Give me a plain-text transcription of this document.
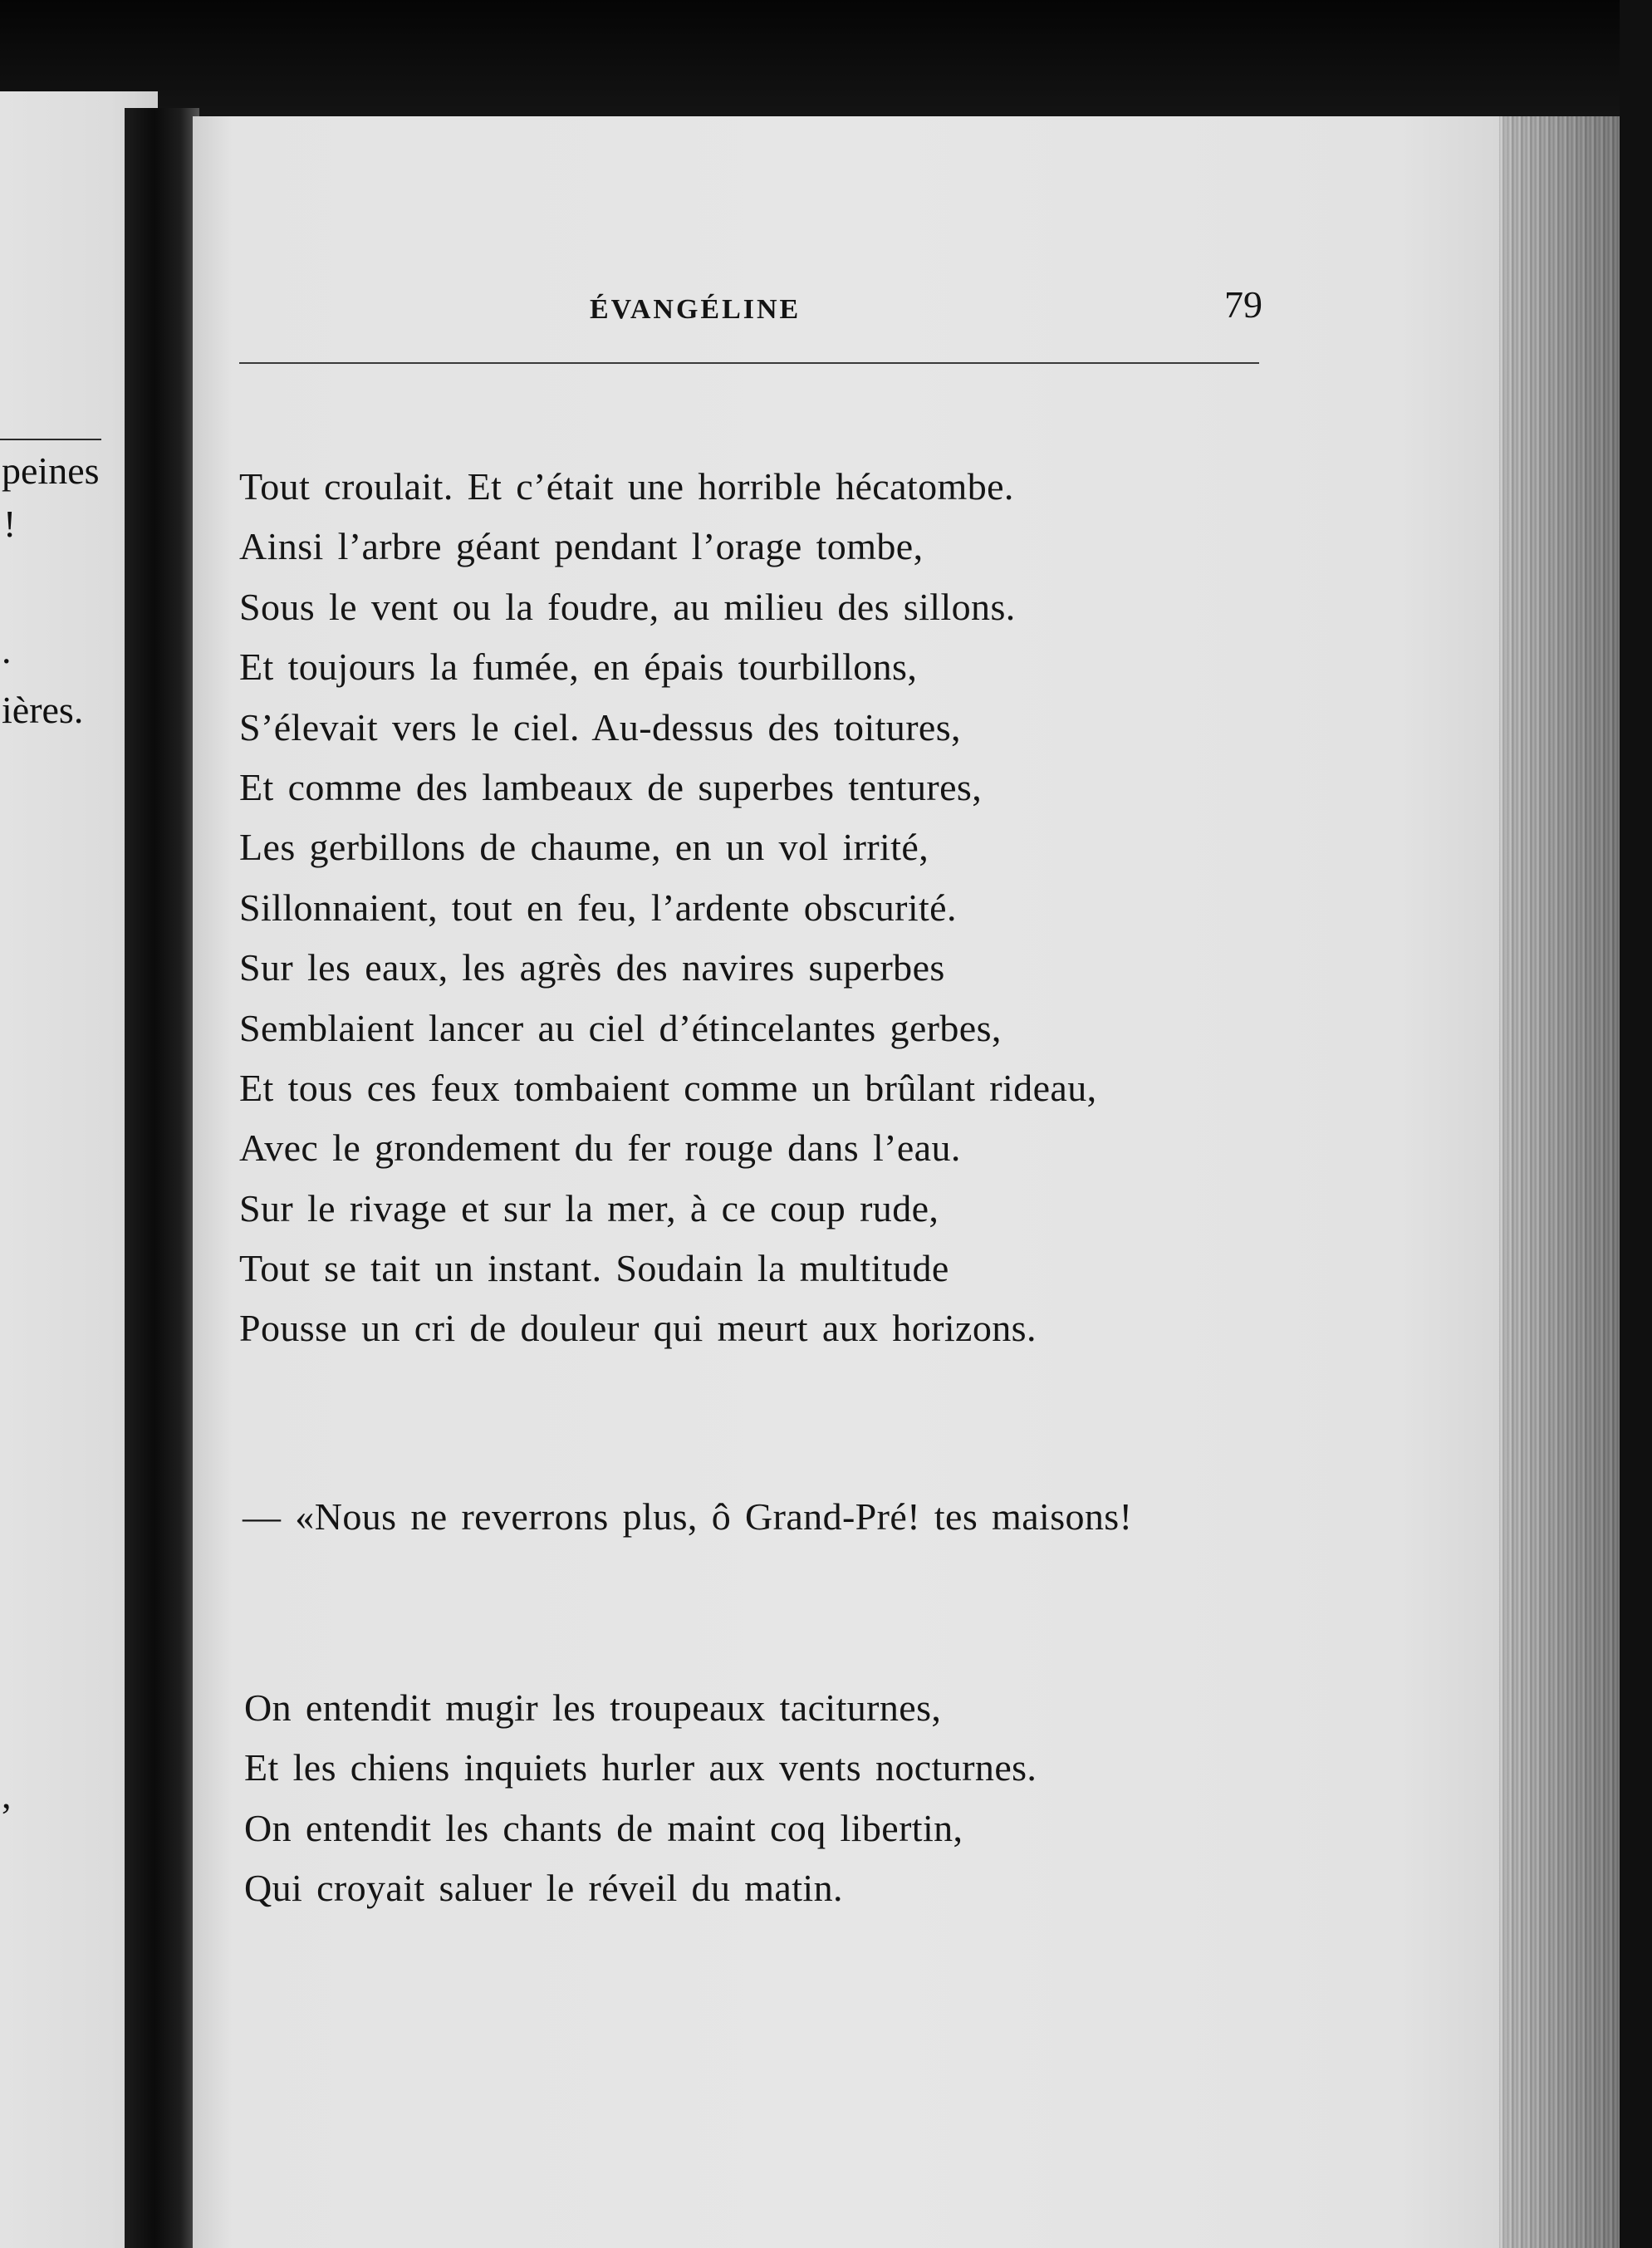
peines
!
.
ières.
,
ÉVANGÉLINE	79
Tout croulait. Et c’était une horrible hécatombe.
Ainsi l’arbre géant pendant l’orage tombe,
Sous le vent ou la foudre, au milieu des sillons.
Et toujours la fumée, en épais tourbillons,
S’élevait vers le ciel. Au-dessus des toitures,
Et comme des lambeaux de superbes tentures,
Les gerbillons de chaume, en un vol irrité,
Sillonnaient, tout en feu, l’ardente obscurité.
Sur les eaux, les agrès des navires superbes
Semblaient lancer au ciel d’étincelantes gerbes,
Et tous ces feux tombaient comme un brûlant rideau,
Avec le grondement du fer rouge dans l’eau.
Sur le rivage et sur la mer, à ce coup rude,
Tout se tait un instant. Soudain la multitude
Pousse un cri de douleur qui meurt aux horizons.
— «Nous ne reverrons plus, ô Grand-Pré! tes maisons!
On entendit mugir les troupeaux taciturnes,
Et les chiens inquiets hurler aux vents nocturnes.
On entendit les chants de maint coq libertin,
Qui croyait saluer le réveil du matin.
